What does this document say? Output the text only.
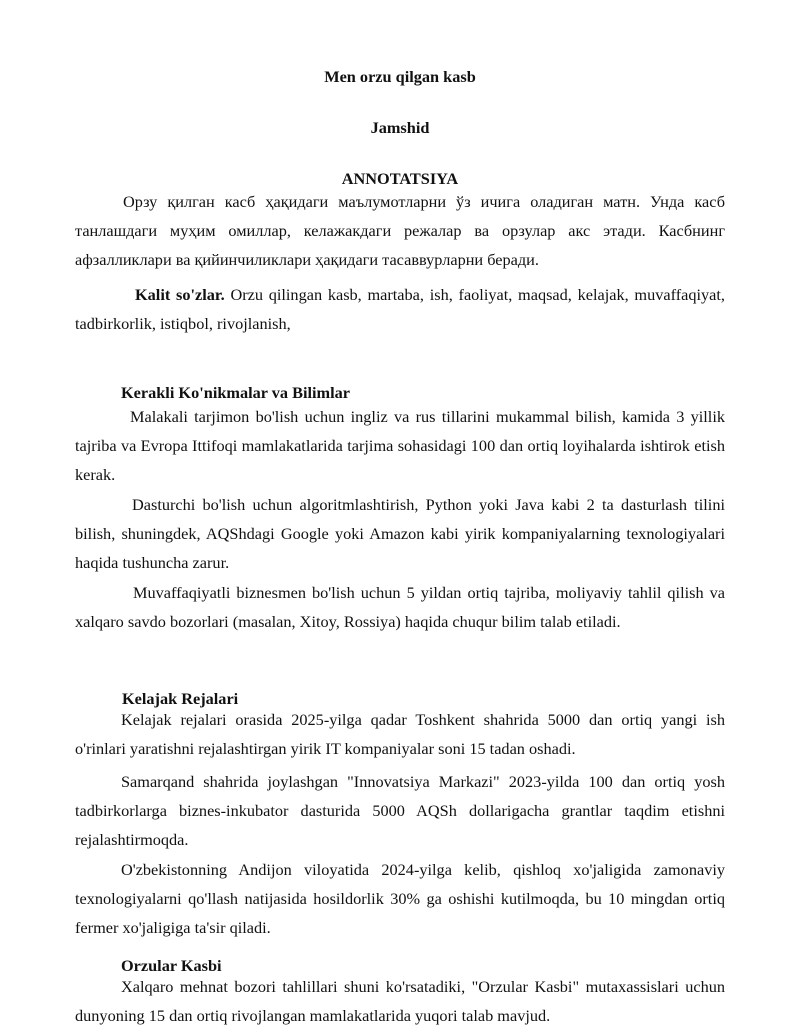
Men orzu qilgan kasb
Jamshid
ANNOTATSIYA
Орзу қилган касб ҳақидаги маълумотларни ўз ичига оладиган матн. Унда касб танлашдаги муҳим омиллар, келажакдаги режалар ва орзулар акс этади. Касбнинг афзалликлари ва қийинчиликлари ҳақидаги тасаввурларни беради.
Kalit so'zlar. Orzu qilingan kasb, martaba, ish, faoliyat, maqsad, kelajak, muvaffaqiyat, tadbirkorlik, istiqbol, rivojlanish,
Kerakli Ko'nikmalar va Bilimlar
Malakali tarjimon bo'lish uchun ingliz va rus tillarini mukammal bilish, kamida 3 yillik tajriba va Evropa Ittifoqi mamlakatlarida tarjima sohasidagi 100 dan ortiq loyihalarda ishtirok etish kerak.
Dasturchi bo'lish uchun algoritmlashtirish, Python yoki Java kabi 2 ta dasturlash tilini bilish, shuningdek, AQShdagi Google yoki Amazon kabi yirik kompaniyalarning texnologiyalari haqida tushuncha zarur.
Muvaffaqiyatli biznesmen bo'lish uchun 5 yildan ortiq tajriba, moliyaviy tahlil qilish va xalqaro savdo bozorlari (masalan, Xitoy, Rossiya) haqida chuqur bilim talab etiladi.
Kelajak Rejalari
Kelajak rejalari orasida 2025-yilga qadar Toshkent shahrida 5000 dan ortiq yangi ish o'rinlari yaratishni rejalashtirgan yirik IT kompaniyalar soni 15 tadan oshadi.
Samarqand shahrida joylashgan "Innovatsiya Markazi" 2023-yilda 100 dan ortiq yosh tadbirkorlarga biznes-inkubator dasturida 5000 AQSh dollarigacha grantlar taqdim etishni rejalashtirmoqda.
O'zbekistonning Andijon viloyatida 2024-yilga kelib, qishloq xo'jaligida zamonaviy texnologiyalarni qo'llash natijasida hosildorlik 30% ga oshishi kutilmoqda, bu 10 mingdan ortiq fermer xo'jaligiga ta'sir qiladi.
Orzular Kasbi
Xalqaro mehnat bozori tahlillari shuni ko'rsatadiki, "Orzular Kasbi" mutaxassislari uchun dunyoning 15 dan ortiq rivojlangan mamlakatlarida yuqori talab mavjud.
